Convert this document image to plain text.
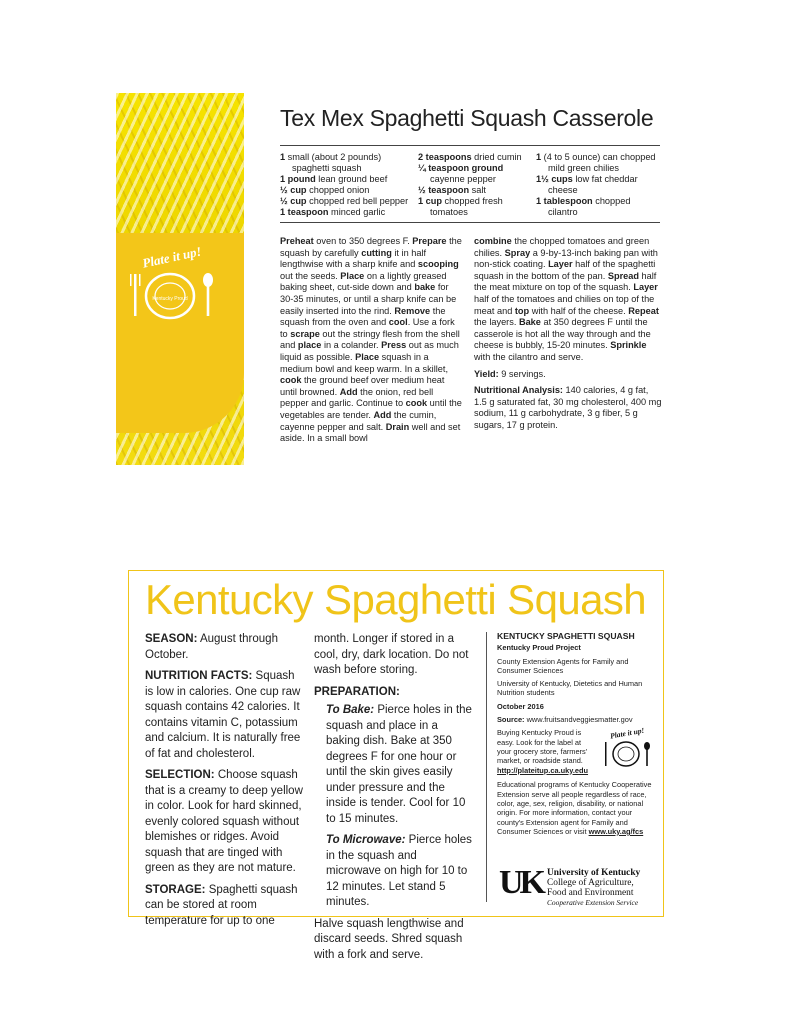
Plate it up!
Kentucky Proud
Tex Mex Spaghetti Squash Casserole
1 small (about 2 pounds)
spaghetti squash
1 pound lean ground beef
½ cup chopped onion
½ cup chopped red bell pepper
1 teaspoon minced garlic
2 teaspoons dried cumin
¼ teaspoon ground
cayenne pepper
½ teaspoon salt
1 cup chopped fresh
tomatoes
1 (4 to 5 ounce) can chopped
mild green chilies
1½ cups low fat cheddar
cheese
1 tablespoon chopped
cilantro

Preheat oven to 350 degrees F. Prepare the squash by carefully cutting it in half lengthwise with a sharp knife and scooping out the seeds. Place on a lightly greased baking sheet, cut-side down and bake for 30-35 minutes, or until a sharp knife can be easily inserted into the rind. Remove the squash from the oven and cool. Use a fork to scrape out the stringy flesh from the shell and place in a colander. Press out as much liquid as possible. Place squash in a medium bowl and keep warm. In a skillet, cook the ground beef over medium heat until browned. Add the onion, red bell pepper and garlic. Continue to cook until the vegetables are tender. Add the cumin, cayenne pepper and salt. Drain well and set aside. In a small bowl

combine the chopped tomatoes and green chilies. Spray a 9-by-13-inch baking pan with non-stick coating. Layer half of the spaghetti squash in the bottom of the pan. Spread half the meat mixture on top of the squash. Layer half of the tomatoes and chilies on top of the meat and top with half of the cheese. Repeat the layers. Bake at 350 degrees F until the casserole is hot all the way through and the cheese is bubbly, 15-20 minutes. Sprinkle with the cilantro and serve.

Yield: 9 servings.

Nutritional Analysis: 140 calories, 4 g fat, 1.5 g saturated fat, 30 mg cholesterol, 400 mg sodium, 11 g carbohydrate, 3 g fiber, 5 g sugars, 17 g protein.

Kentucky Spaghetti Squash

SEASON: August through October.

NUTRITION FACTS: Squash is low in calories. One cup raw squash contains 42 calories. It contains vitamin C, potassium and calcium. It is naturally free of fat and cholesterol.

SELECTION: Choose squash that is a creamy to deep yellow in color. Look for hard skinned, evenly colored squash without blemishes or ridges. Avoid squash that are tinged with green as they are not mature.

STORAGE: Spaghetti squash can be stored at room temperature for up to one

month. Longer if stored in a cool, dry, dark location. Do not wash before storing.

PREPARATION:

To Bake: Pierce holes in the squash and place in a baking dish. Bake at 350 degrees F for one hour or until the skin gives easily under pressure and the inside is tender. Cool for 10 to 15 minutes.

To Microwave: Pierce holes in the squash and microwave on high for 10 to 12 minutes. Let stand 5 minutes.

Halve squash lengthwise and discard seeds. Shred squash with a fork and serve.

KENTUCKY SPAGHETTI SQUASH

Kentucky Proud Project

County Extension Agents for Family and Consumer Sciences

University of Kentucky, Dietetics and Human Nutrition students

October 2016

Source: www.fruitsandveggiesmatter.gov

Buying Kentucky Proud is easy. Look for the label at your grocery store, farmers' market, or roadside stand. http://plateitup.ca.uky.edu

Plate it up!

Educational programs of Kentucky Cooperative Extension serve all people regardless of race, color, age, sex, religion, disability, or national origin. For more information, contact your county's Extension agent for Family and Consumer Sciences or visit www.uky.ag/fcs

UK University of Kentucky
College of Agriculture,
Food and Environment
Cooperative Extension Service
